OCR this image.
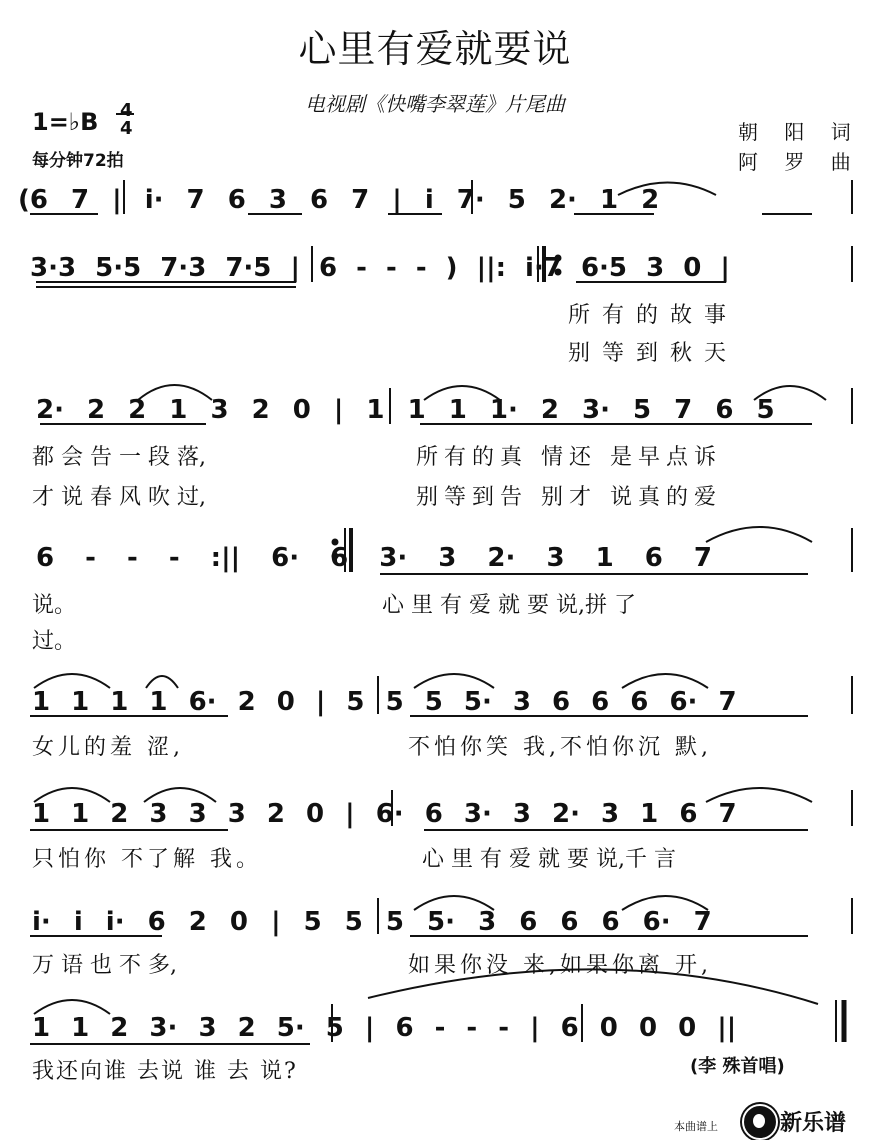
心里有爱就要说
电视剧《快嘴李翠莲》片尾曲
1=♭B 4
4
每分钟72拍
朝 阳 词
阿 罗 曲
(6 7 | i· 7 6 3 6 7 | i 7· 5 2· 1 2
3·3 5·5 7·3 7·5 | 6 - - - ) ||: i·7 6·5 3 0 |
2· 2 2 1 3 2 0 | 1 1 1 1· 2 3· 5 7 6 5
6 - - - :|| 6· 6 3· 3 2· 3 1 6 7
1 1 1 1 6· 2 0 | 5 5 5 5· 3 6 6 6 6· 7
1 1 2 3 3 3 2 0 | 6· 6 3· 3 2· 3 1 6 7
i· i i· 6 2 0 | 5 5 5 5· 3 6 6 6 6· 7
1 1 2 3· 3 2 5· 5 | 6 - - - | 6 0 0 0 ||
所有的故事
别等到秋天
都 会 告 一 段 落,	所有的真 情还 是早点诉
才 说 春 风 吹 过,	别等到告 别才 说真的爱
说。	心 里 有 爱 就 要 说,拼 了
过。
女儿的羞 涩,	不怕你笑 我,不怕你沉 默,
只怕你 不了解 我。	心 里 有 爱 就 要 说,千 言
万 语 也 不 多,	如果你没 来,如果你离 开,
我还向谁 去说 谁 去 说?	(李 殊首唱)
本曲谱上	新乐谱
